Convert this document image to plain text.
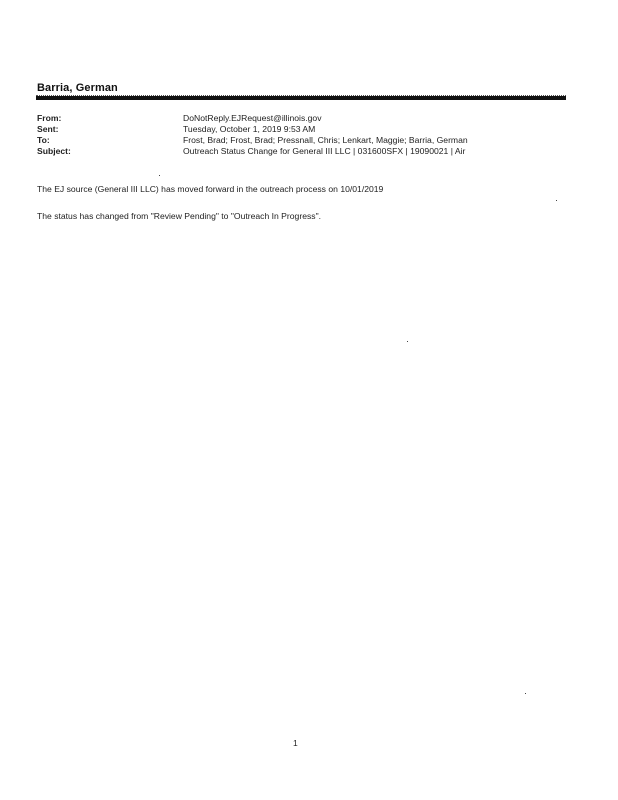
Barria, German
From:	DoNotReply.EJRequest@illinois.gov
Sent:	Tuesday, October 1, 2019 9:53 AM
To:	Frost, Brad; Frost, Brad; Pressnall, Chris; Lenkart, Maggie; Barria, German
Subject:	Outreach Status Change for General III LLC | 031600SFX | 19090021 | Air
The EJ source (General III LLC) has moved forward in the outreach process on 10/01/2019
The status has changed from "Review Pending" to "Outreach In Progress".
1
